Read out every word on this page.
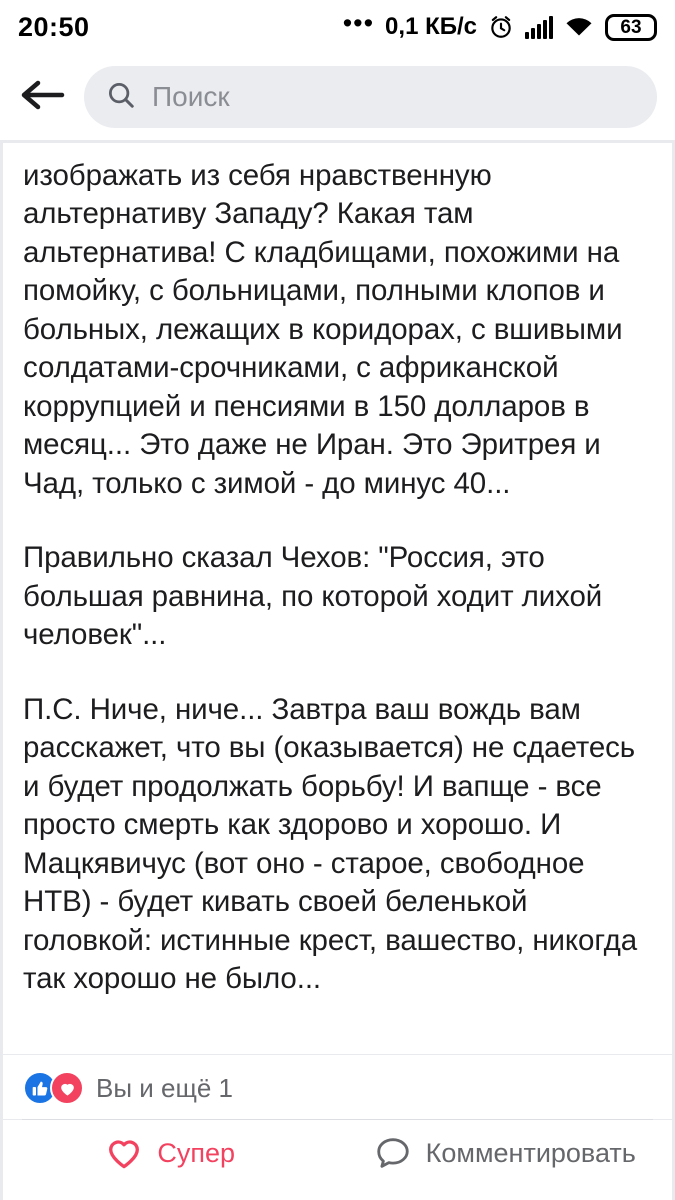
20:50	••• 0,1 КБ/с	63
Поиск

изображать из себя нравственную альтернативу Западу? Какая там альтернатива! С кладбищами, похожими на помойку, с больницами, полными клопов и больных, лежащих в коридорах, с вшивыми солдатами-срочниками, с африканской коррупцией и пенсиями в 150 долларов в месяц... Это даже не Иран. Это Эритрея и Чад, только с зимой - до минус 40...

Правильно сказал Чехов: "Россия, это большая равнина, по которой ходит лихой человек"...

П.С. Ниче, ниче... Завтра ваш вождь вам расскажет, что вы (оказывается) не сдаетесь и будет продолжать борьбу! И вапще - все просто смерть как здорово и хорошо. И Мацкявичус (вот оно - старое, свободное НТВ) - будет кивать своей беленькой головкой: истинные крест, вашество, никогда так хорошо не было...

Вы и ещё 1
Супер	Комментировать
